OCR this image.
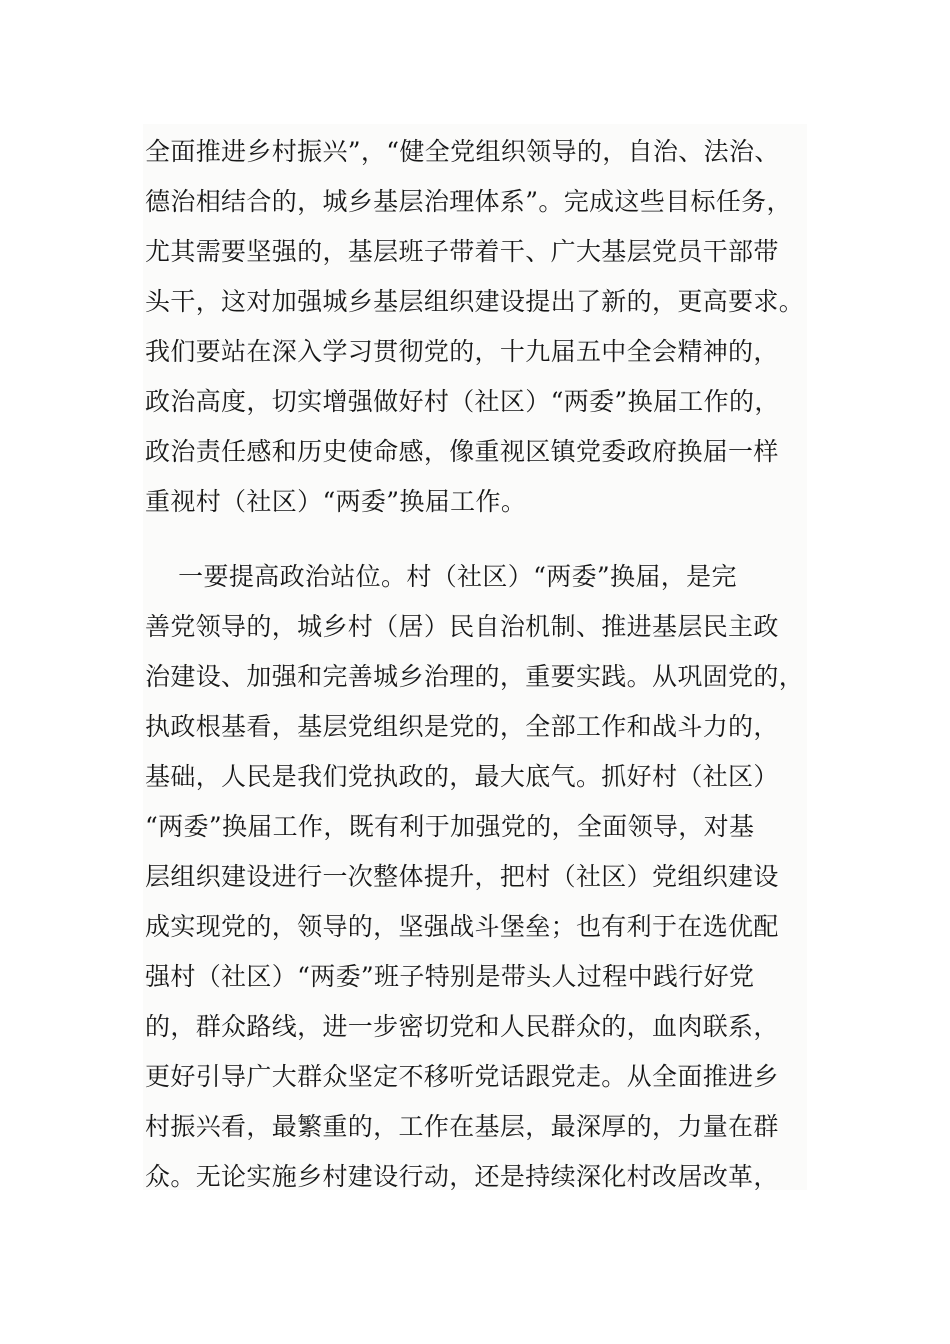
全面推进乡村振兴”，“健全党组织领导的，自治、法治、
德治相结合的，城乡基层治理体系”。完成这些目标任务，
尤其需要坚强的，基层班子带着干、广大基层党员干部带
头干，这对加强城乡基层组织建设提出了新的，更高要求。
我们要站在深入学习贯彻党的，十九届五中全会精神的，
政治高度，切实增强做好村（社区）“两委”换届工作的，
政治责任感和历史使命感，像重视区镇党委政府换届一样
重视村（社区）“两委”换届工作。
一要提高政治站位。村（社区）“两委”换届，是完
善党领导的，城乡村（居）民自治机制、推进基层民主政
治建设、加强和完善城乡治理的，重要实践。从巩固党的，
执政根基看，基层党组织是党的，全部工作和战斗力的，
基础，人民是我们党执政的，最大底气。抓好村（社区）
“两委”换届工作，既有利于加强党的，全面领导，对基
层组织建设进行一次整体提升，把村（社区）党组织建设
成实现党的，领导的，坚强战斗堡垒；也有利于在选优配
强村（社区）“两委”班子特别是带头人过程中践行好党
的，群众路线，进一步密切党和人民群众的，血肉联系，
更好引导广大群众坚定不移听党话跟党走。从全面推进乡
村振兴看，最繁重的，工作在基层，最深厚的，力量在群
众。无论实施乡村建设行动，还是持续深化村改居改革，
